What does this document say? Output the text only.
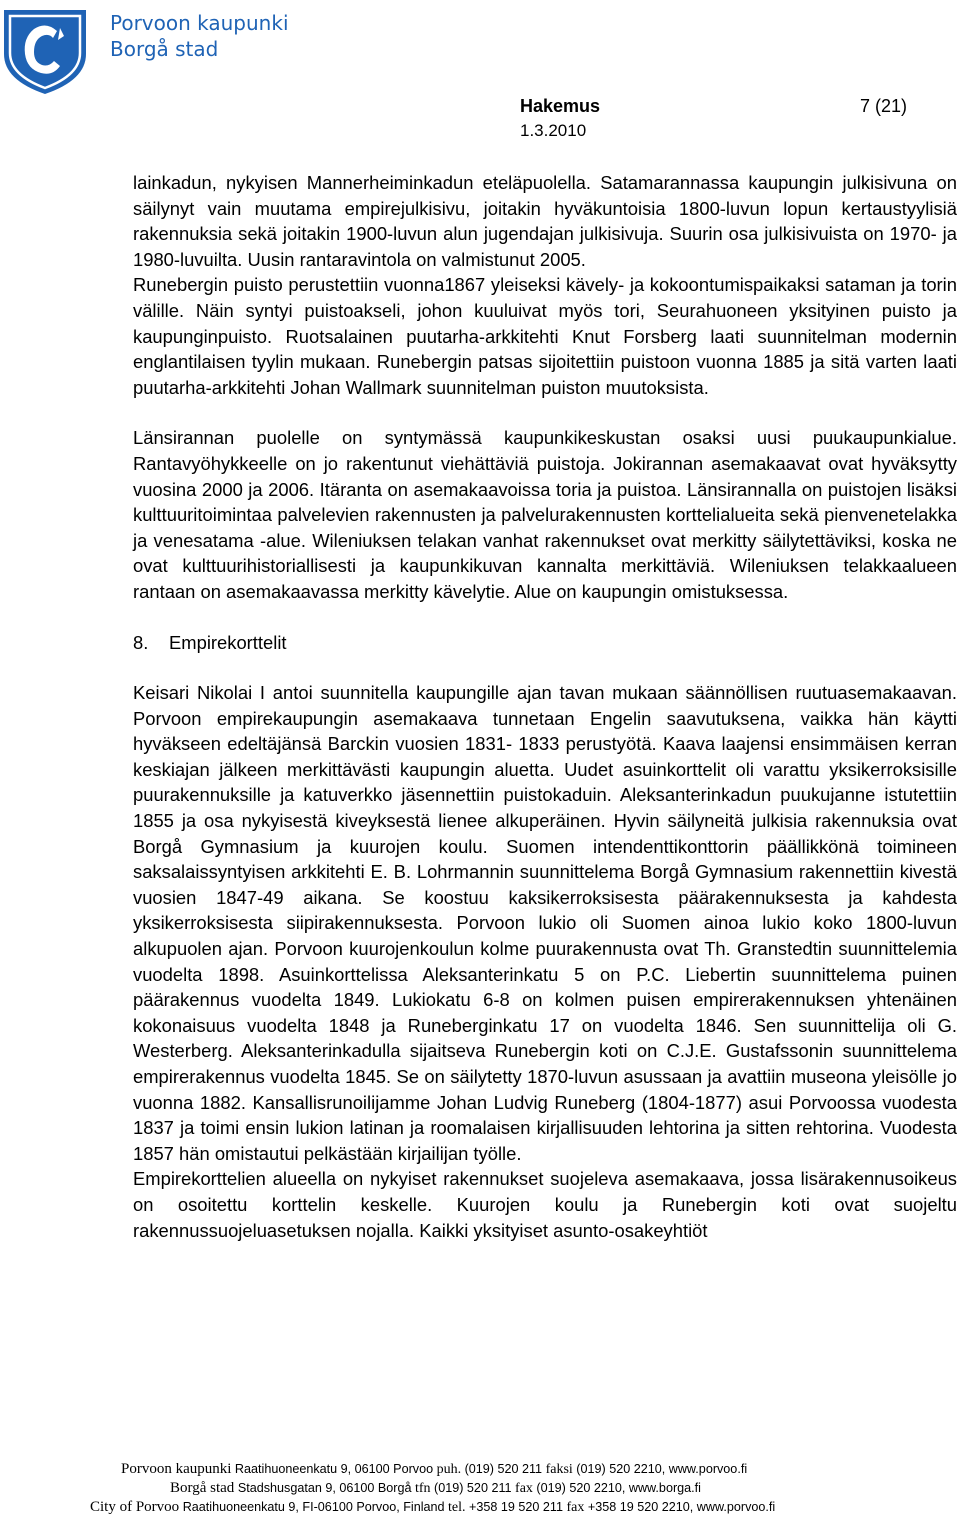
Porvoon kaupunki
Borgå stad
Hakemus	7 (21)
1.3.2010

lainkadun, nykyisen Mannerheiminkadun eteläpuolella. Satamarannassa kaupungin julkisivuna on säilynyt vain muutama empirejulkisivu, joitakin hyväkuntoisia 1800-luvun lopun kertaustyylisiä rakennuksia sekä joitakin 1900-luvun alun jugendajan julkisivuja. Suurin osa julkisivuista on 1970- ja 1980-luvuilta. Uusin rantaravintola on valmistunut 2005.

Runebergin puisto perustettiin vuonna1867 yleiseksi kävely- ja kokoontumispaikaksi sataman ja torin välille. Näin syntyi puistoakseli, johon kuuluivat myös tori, Seurahuoneen yksityinen puisto ja kaupunginpuisto. Ruotsalainen puutarha-arkkitehti Knut Forsberg laati suunnitelman modernin englantilaisen tyylin mukaan. Runebergin patsas sijoitettiin puistoon vuonna 1885 ja sitä varten laati puutarha-arkkitehti Johan Wallmark suunnitelman puiston muutoksista.

Länsirannan puolelle on syntymässä kaupunkikeskustan osaksi uusi puukaupunkialue. Rantavyöhykkeelle on jo rakentunut viehättäviä puistoja. Jokirannan asemakaavat ovat hyväksytty vuosina 2000 ja 2006. Itäranta on asemakaavoissa toria ja puistoa. Länsirannalla on puistojen lisäksi kulttuuritoimintaa palvelevien rakennusten ja palvelurakennusten korttelialueita sekä pienvenetelakka ja venesatama -alue. Wileniuksen telakan vanhat rakennukset ovat merkitty säilytettäviksi, koska ne ovat kulttuurihistoriallisesti ja kaupunkikuvan kannalta merkittäviä. Wileniuksen telakkaalueen rantaan on asemakaavassa merkitty kävelytie. Alue on kaupungin omistuksessa.

8. Empirekorttelit

Keisari Nikolai I antoi suunnitella kaupungille ajan tavan mukaan säännöllisen ruutuasemakaavan. Porvoon empirekaupungin asemakaava tunnetaan Engelin saavutuksena, vaikka hän käytti hyväkseen edeltäjänsä Barckin vuosien 1831- 1833 perustyötä. Kaava laajensi ensimmäisen kerran keskiajan jälkeen merkittävästi kaupungin aluetta. Uudet asuinkorttelit oli varattu yksikerroksisille puurakennuksille ja katuverkko jäsennettiin puistokaduin. Aleksanterinkadun puukujanne istutettiin 1855 ja osa nykyisestä kiveyksestä lienee alkuperäinen. Hyvin säilyneitä julkisia rakennuksia ovat Borgå Gymnasium ja kuurojen koulu. Suomen intendenttikonttorin päällikkönä toimineen saksalaissyntyisen arkkitehti E. B. Lohrmannin suunnittelema Borgå Gymnasium rakennettiin kivestä vuosien 1847-49 aikana. Se koostuu kaksikerroksisesta päärakennuksesta ja kahdesta yksikerroksisesta siipirakennuksesta. Porvoon lukio oli Suomen ainoa lukio koko 1800-luvun alkupuolen ajan. Porvoon kuurojenkoulun kolme puurakennusta ovat Th. Granstedtin suunnittelemia vuodelta 1898. Asuinkorttelissa Aleksanterinkatu 5 on P.C. Liebertin suunnittelema puinen päärakennus vuodelta 1849. Lukiokatu 6-8 on kolmen puisen empirerakennuksen yhtenäinen kokonaisuus vuodelta 1848 ja Runeberginkatu 17 on vuodelta 1846. Sen suunnittelija oli G. Westerberg. Aleksanterinkadulla sijaitseva Runebergin koti on C.J.E. Gustafssonin suunnittelema empirerakennus vuodelta 1845. Se on säilytetty 1870-luvun asussaan ja avattiin museona yleisölle jo vuonna 1882. Kansallisrunoilijamme Johan Ludvig Runeberg (1804-1877) asui Porvoossa vuodesta 1837 ja toimi ensin lukion latinan ja roomalaisen kirjallisuuden lehtorina ja sitten rehtorina. Vuodesta 1857 hän omistautui pelkästään kirjailijan työlle.

Empirekorttelien alueella on nykyiset rakennukset suojeleva asemakaava, jossa lisärakennusoikeus on osoitettu korttelin keskelle. Kuurojen koulu ja Runebergin koti ovat suojeltu rakennussuojeluasetuksen nojalla. Kaikki yksityiset asunto-osakeyhtiöt

Porvoon kaupunki Raatihuoneenkatu 9, 06100 Porvoo puh. (019) 520 211 faksi (019) 520 2210, www.porvoo.fi
Borgå stad Stadshusgatan 9, 06100 Borgå tfn (019) 520 211 fax (019) 520 2210, www.borga.fi
City of Porvoo Raatihuoneenkatu 9, FI-06100 Porvoo, Finland tel. +358 19 520 211 fax +358 19 520 2210, www.porvoo.fi
